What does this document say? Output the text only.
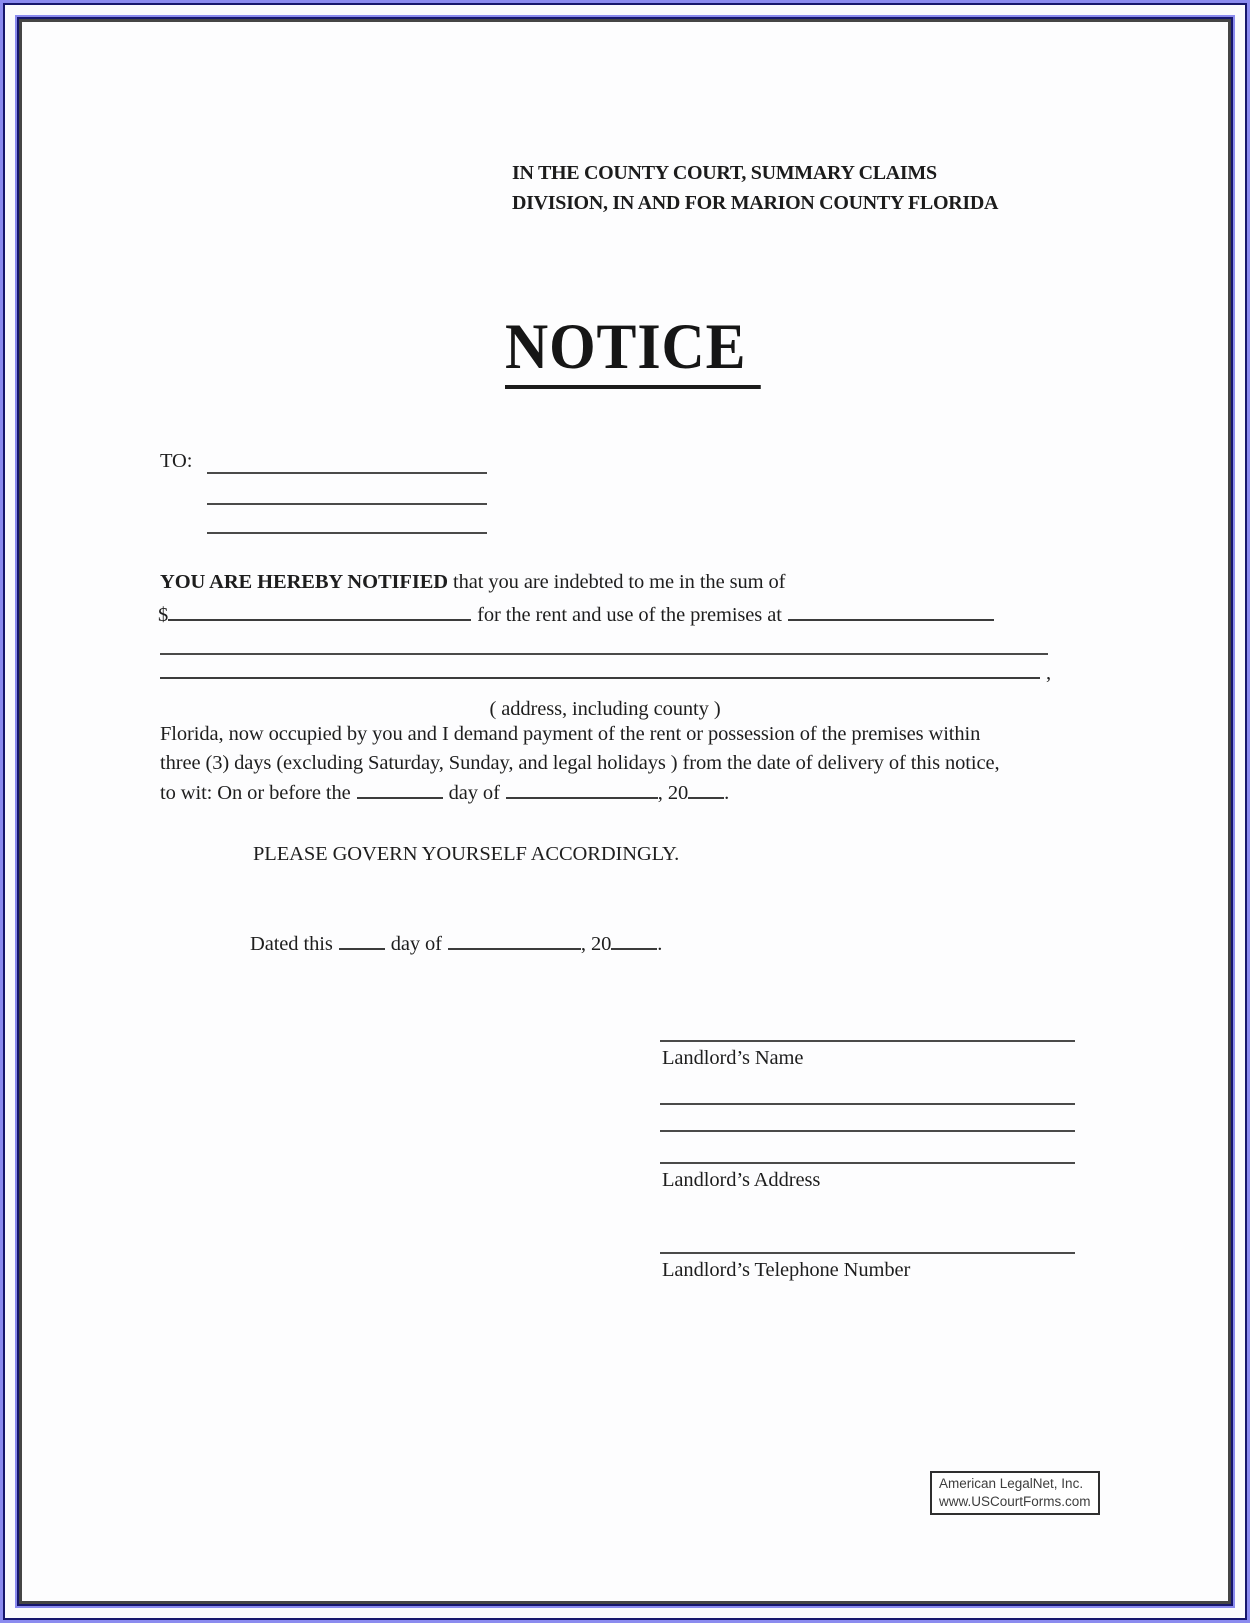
IN THE COUNTY COURT, SUMMARY CLAIMS
DIVISION, IN AND FOR MARION COUNTY FLORIDA
NOTICE
TO:
YOU ARE HEREBY NOTIFIED that you are indebted to me in the sum of
$	for the rent and use of the premises at
,
( address, including county )
Florida, now occupied by you and I demand payment of the rent or possession of the premises within
three (3) days (excluding Saturday, Sunday, and legal holidays ) from the date of delivery of this notice,
to wit: On or before the	day of	, 20 .
PLEASE GOVERN YOURSELF ACCORDINGLY.
Dated this	day of	, 20 .
Landlord’s Name
Landlord’s Address
Landlord’s Telephone Number
American LegalNet, Inc.
www.USCourtForms.com
